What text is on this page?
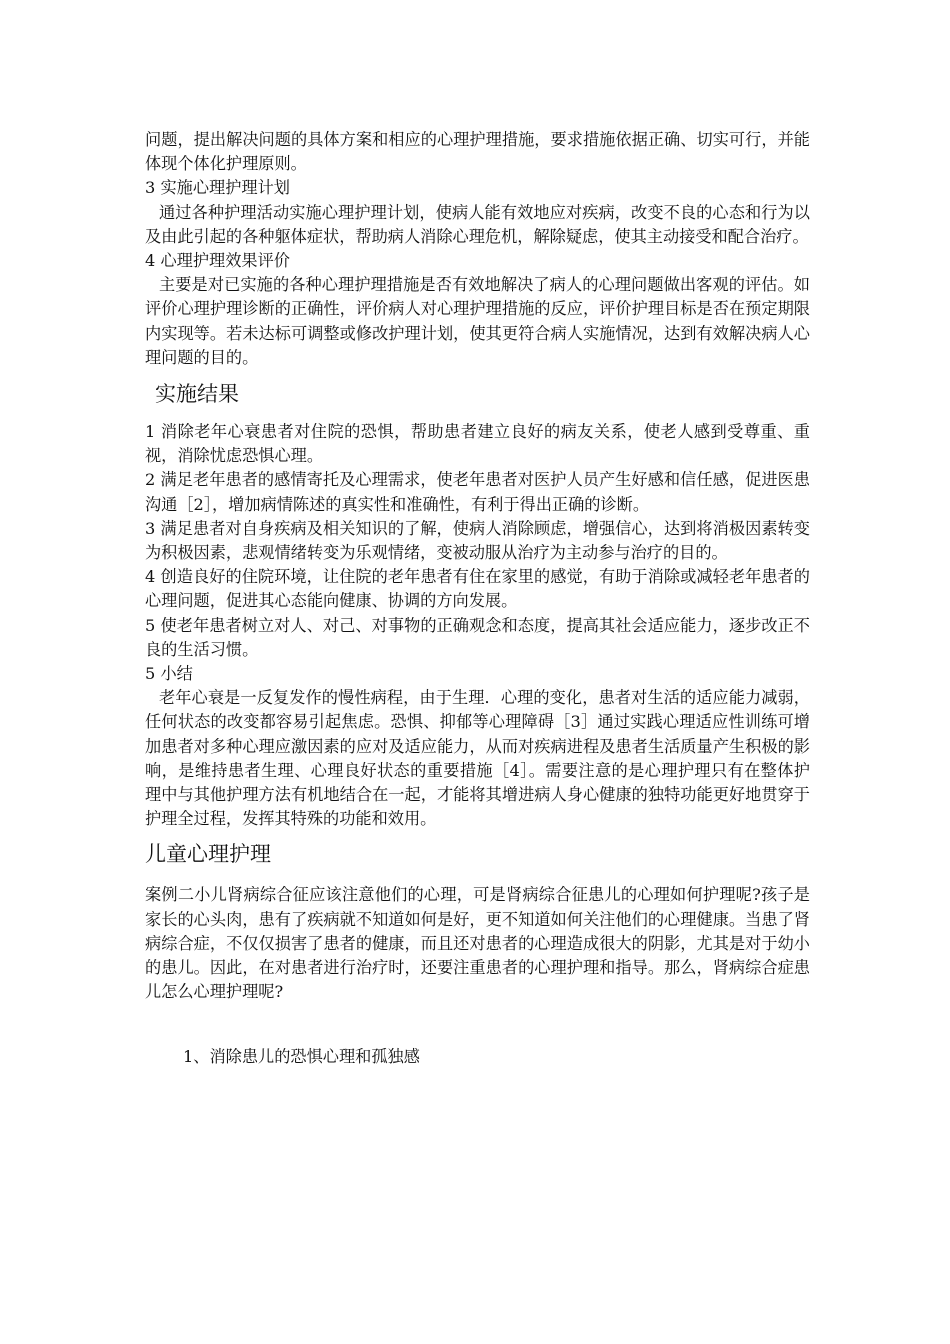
问题，提出解决问题的具体方案和相应的心理护理措施，要求措施依据正确、切实可行，并能体现个体化护理原则。

3 实施心理护理计划

通过各种护理活动实施心理护理计划，使病人能有效地应对疾病，改变不良的心态和行为以及由此引起的各种躯体症状，帮助病人消除心理危机，解除疑虑，使其主动接受和配合治疗。

4 心理护理效果评价

主要是对已实施的各种心理护理措施是否有效地解决了病人的心理问题做出客观的评估。如评价心理护理诊断的正确性，评价病人对心理护理措施的反应，评价护理目标是否在预定期限内实现等。若未达标可调整或修改护理计划，使其更符合病人实施情况，达到有效解决病人心理问题的目的。

实施结果

1 消除老年心衰患者对住院的恐惧，帮助患者建立良好的病友关系，使老人感到受尊重、重视，消除忧虑恐惧心理。

2 满足老年患者的感情寄托及心理需求，使老年患者对医护人员产生好感和信任感，促进医患沟通［2］，增加病情陈述的真实性和准确性，有利于得出正确的诊断。

3 满足患者对自身疾病及相关知识的了解，使病人消除顾虑，增强信心，达到将消极因素转变为积极因素，悲观情绪转变为乐观情绪，变被动服从治疗为主动参与治疗的目的。

4 创造良好的住院环境，让住院的老年患者有住在家里的感觉，有助于消除或减轻老年患者的心理问题，促进其心态能向健康、协调的方向发展。

5 使老年患者树立对人、对己、对事物的正确观念和态度，提高其社会适应能力，逐步改正不良的生活习惯。

5 小结

老年心衰是一反复发作的慢性病程，由于生理．心理的变化，患者对生活的适应能力减弱，任何状态的改变都容易引起焦虑。恐惧、抑郁等心理障碍［3］通过实践心理适应性训练可增加患者对多种心理应激因素的应对及适应能力，从而对疾病进程及患者生活质量产生积极的影响，是维持患者生理、心理良好状态的重要措施［4］。需要注意的是心理护理只有在整体护理中与其他护理方法有机地结合在一起，才能将其增进病人身心健康的独特功能更好地贯穿于护理全过程，发挥其特殊的功能和效用。

儿童心理护理

案例二小儿肾病综合征应该注意他们的心理，可是肾病综合征患儿的心理如何护理呢?孩子是家长的心头肉，患有了疾病就不知道如何是好，更不知道如何关注他们的心理健康。当患了肾病综合症，不仅仅损害了患者的健康，而且还对患者的心理造成很大的阴影，尤其是对于幼小的患儿。因此，在对患者进行治疗时，还要注重患者的心理护理和指导。那么，肾病综合症患儿怎么心理护理呢?

1、消除患儿的恐惧心理和孤独感
